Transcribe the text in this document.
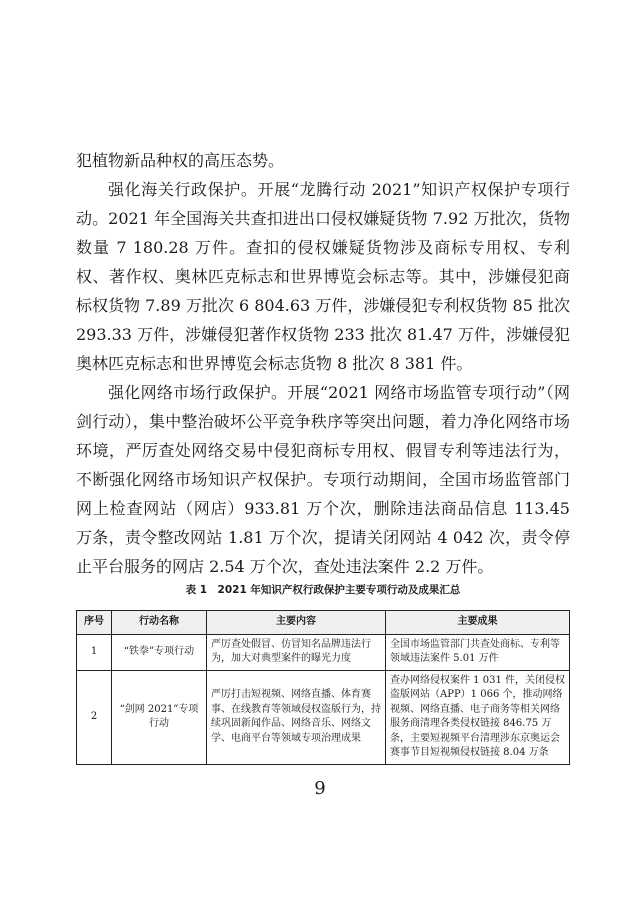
犯植物新品种权的高压态势。

强化海关行政保护。开展“龙腾行动 2021”知识产权保护专项行动。2021 年全国海关共查扣进出口侵权嫌疑货物 7.92 万批次，货物数量 7 180.28 万件。查扣的侵权嫌疑货物涉及商标专用权、专利权、著作权、奥林匹克标志和世界博览会标志等。其中，涉嫌侵犯商标权货物 7.89 万批次 6 804.63 万件，涉嫌侵犯专利权货物 85 批次 293.33 万件，涉嫌侵犯著作权货物 233 批次 81.47 万件，涉嫌侵犯奥林匹克标志和世界博览会标志货物 8 批次 8 381 件。

强化网络市场行政保护。开展“2021 网络市场监管专项行动”（网剑行动），集中整治破坏公平竞争秩序等突出问题，着力净化网络市场环境，严厉查处网络交易中侵犯商标专用权、假冒专利等违法行为，不断强化网络市场知识产权保护。专项行动期间，全国市场监管部门网上检查网站（网店）933.81 万个次，删除违法商品信息 113.45 万条，责令整改网站 1.81 万个次，提请关闭网站 4 042 次，责令停止平台服务的网店 2.54 万个次，查处违法案件 2.2 万件。

表 1　2021 年知识产权行政保护主要专项行动及成果汇总
序号	行动名称	主要内容	主要成果
1	“铁拳”专项行动	严厉查处假冒、仿冒知名品牌违法行为，加大对典型案件的曝光力度	全国市场监管部门共查处商标、专利等领域违法案件 5.01 万件
2	“剑网 2021”专项行动	严厉打击短视频、网络直播、体育赛事、在线教育等领域侵权盗版行为，持续巩固新闻作品、网络音乐、网络文学、电商平台等领域专项治理成果	查办网络侵权案件 1 031 件，关闭侵权盗版网站（APP）1 066 个，推动网络视频、网络直播、电子商务等相关网络服务商清理各类侵权链接 846.75 万条，主要短视频平台清理涉东京奥运会赛事节目短视频侵权链接 8.04 万条
9
